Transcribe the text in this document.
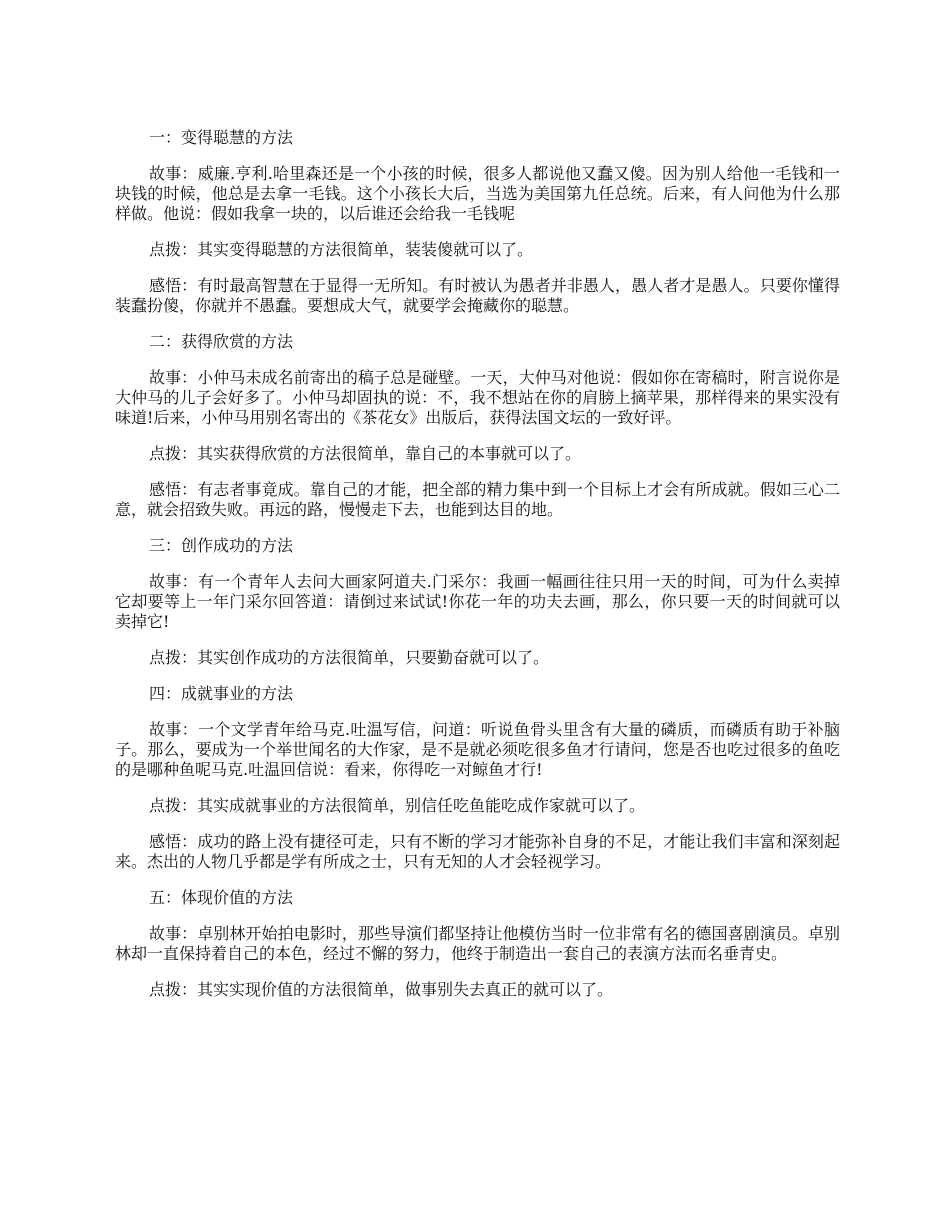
一：变得聪慧的方法

故事：威廉.亨利.哈里森还是一个小孩的时候，很多人都说他又蠢又傻。因为别人给他一毛钱和一块钱的时候，他总是去拿一毛钱。这个小孩长大后，当选为美国第九任总统。后来，有人问他为什么那样做。他说：假如我拿一块的，以后谁还会给我一毛钱呢

点拨：其实变得聪慧的方法很简单，装装傻就可以了。

感悟：有时最高智慧在于显得一无所知。有时被认为愚者并非愚人，愚人者才是愚人。只要你懂得装蠢扮傻，你就并不愚蠢。要想成大气，就要学会掩藏你的聪慧。

二：获得欣赏的方法

故事：小仲马未成名前寄出的稿子总是碰壁。一天，大仲马对他说：假如你在寄稿时，附言说你是大仲马的儿子会好多了。小仲马却固执的说：不，我不想站在你的肩膀上摘苹果，那样得来的果实没有味道!后来，小仲马用别名寄出的《茶花女》出版后，获得法国文坛的一致好评。

点拨：其实获得欣赏的方法很简单，靠自己的本事就可以了。

感悟：有志者事竟成。靠自己的才能，把全部的精力集中到一个目标上才会有所成就。假如三心二意，就会招致失败。再远的路，慢慢走下去，也能到达目的地。

三：创作成功的方法

故事：有一个青年人去问大画家阿道夫.门采尔：我画一幅画往往只用一天的时间，可为什么卖掉它却要等上一年门采尔回答道：请倒过来试试!你花一年的功夫去画，那么，你只要一天的时间就可以卖掉它!

点拨：其实创作成功的方法很简单，只要勤奋就可以了。

四：成就事业的方法

故事：一个文学青年给马克.吐温写信，问道：听说鱼骨头里含有大量的磷质，而磷质有助于补脑子。那么，要成为一个举世闻名的大作家，是不是就必须吃很多鱼才行请问，您是否也吃过很多的鱼吃的是哪种鱼呢马克.吐温回信说：看来，你得吃一对鲸鱼才行!

点拨：其实成就事业的方法很简单，别信任吃鱼能吃成作家就可以了。

感悟：成功的路上没有捷径可走，只有不断的学习才能弥补自身的不足，才能让我们丰富和深刻起来。杰出的人物几乎都是学有所成之士，只有无知的人才会轻视学习。

五：体现价值的方法

故事：卓别林开始拍电影时，那些导演们都坚持让他模仿当时一位非常有名的德国喜剧演员。卓别林却一直保持着自己的本色，经过不懈的努力，他终于制造出一套自己的表演方法而名垂青史。

点拨：其实实现价值的方法很简单，做事别失去真正的就可以了。
